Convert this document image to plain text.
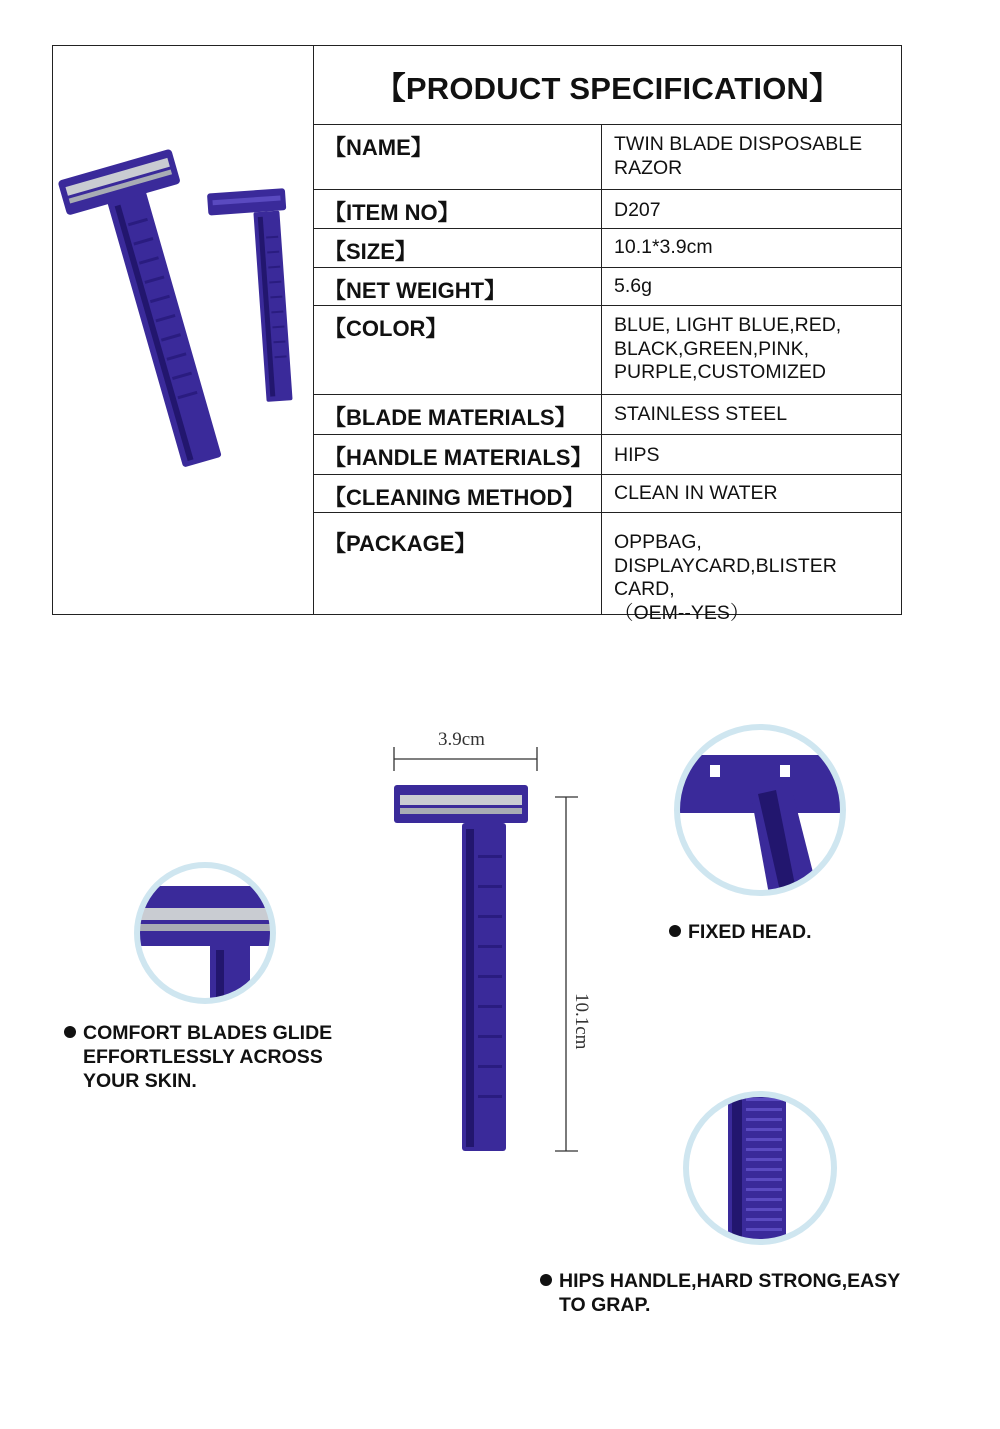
【PRODUCT SPECIFICATION】
【NAME】	TWIN BLADE DISPOSABLE
RAZOR
【ITEM NO】	D207
【SIZE】	10.1*3.9cm
【NET WEIGHT】	5.6g
【COLOR】	BLUE, LIGHT BLUE,RED,
BLACK,GREEN,PINK,
PURPLE,CUSTOMIZED
【BLADE MATERIALS】	STAINLESS STEEL
【HANDLE MATERIALS】	HIPS
【CLEANING METHOD】	CLEAN IN WATER
【PACKAGE】	OPPBAG,
DISPLAYCARD,BLISTER CARD,
（OEM--YES）
3.9cm
10.1cm
COMFORT BLADES GLIDE
EFFORTLESSLY ACROSS
YOUR SKIN.
FIXED HEAD.
HIPS HANDLE,HARD STRONG,EASY
TO GRAP.
